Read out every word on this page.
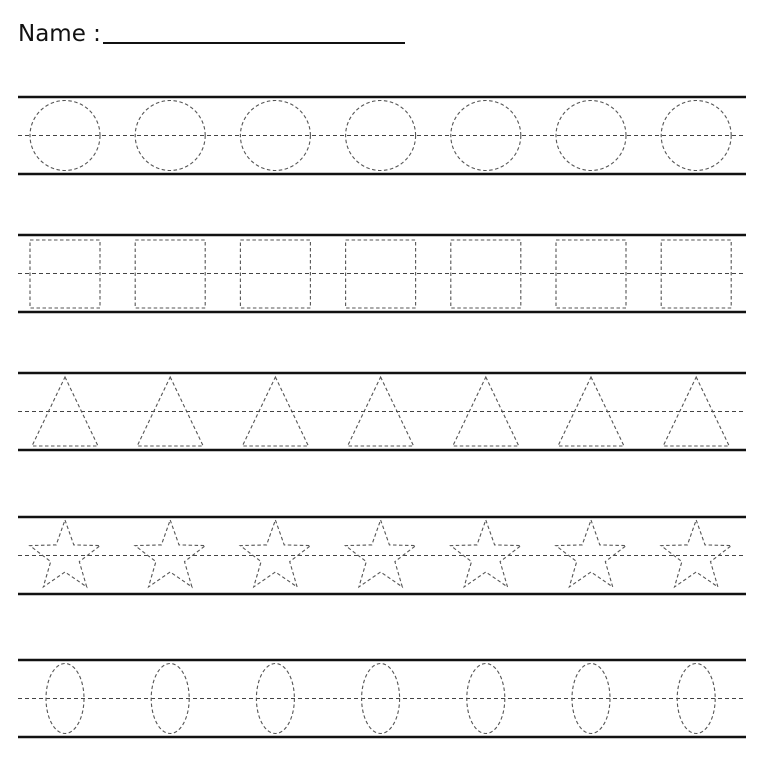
Name :
